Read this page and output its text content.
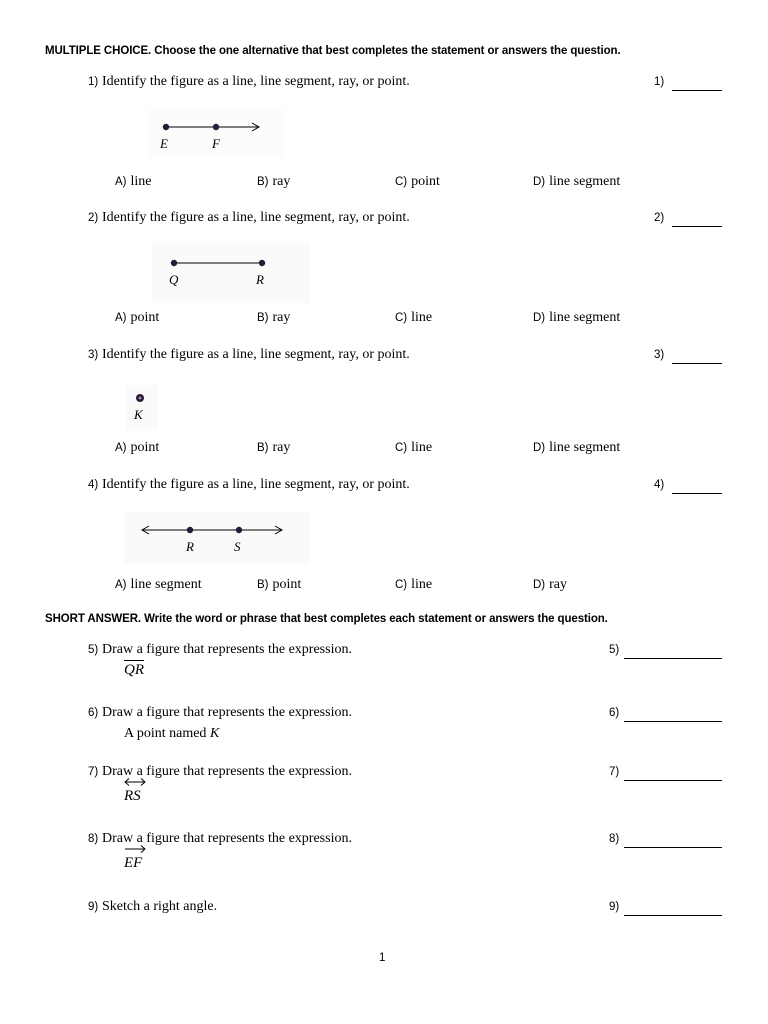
MULTIPLE CHOICE. Choose the one alternative that best completes the statement or answers the question.
1) Identify the figure as a line, line segment, ray, or point.	1)
E	F
A) line	B) ray	C) point	D) line segment
2) Identify the figure as a line, line segment, ray, or point.	2)
Q	R
A) point	B) ray	C) line	D) line segment
3) Identify the figure as a line, line segment, ray, or point.	3)
K
A) point	B) ray	C) line	D) line segment
4) Identify the figure as a line, line segment, ray, or point.	4)
R	S
A) line segment	B) point	C) line	D) ray
SHORT ANSWER. Write the word or phrase that best completes each statement or answers the question.
5) Draw a figure that represents the expression.
QR
5)
6) Draw a figure that represents the expression.
A point named K
6)
7) Draw a figure that represents the expression.
RS
7)
8) Draw a figure that represents the expression.
EF
8)
9) Sketch a right angle.	9)
1
